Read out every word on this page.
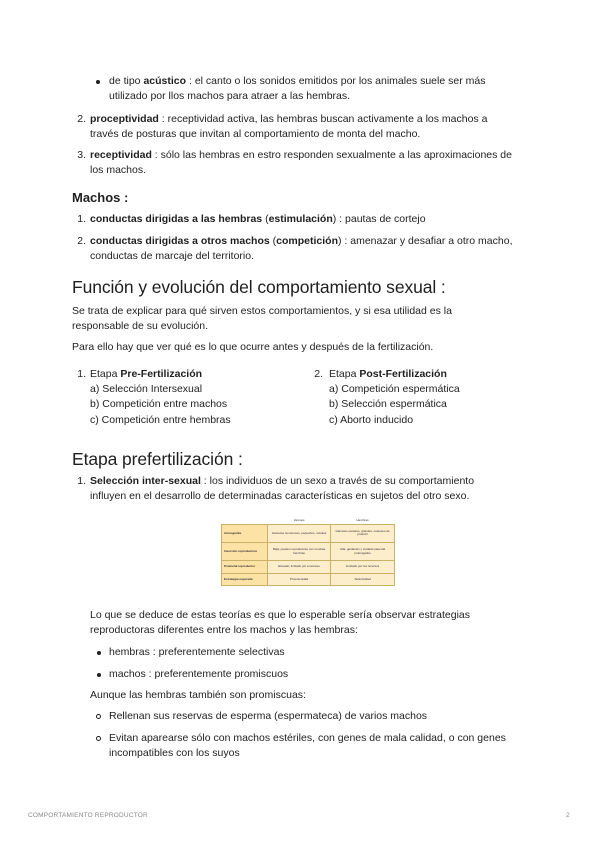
de tipo acústico : el canto o los sonidos emitidos por los animales suele ser más
utilizado por llos machos para atraer a las hembras.
2. proceptividad : receptividad activa, las hembras buscan activamente a los machos a
través de posturas que invitan al comportamiento de monta del macho.
3. receptividad : sólo las hembras en estro responden sexualmente a las aproximaciones de
los machos.
Machos :
1. conductas dirigidas a las hembras (estimulación) : pautas de cortejo
2. conductas dirigidas a otros machos (competición) : amenazar y desafiar a otro macho,
conductas de marcaje del territorio.
Función y evolución del comportamiento sexual :
Se trata de explicar para qué sirven estos comportamientos, y si esa utilidad es la
responsable de su evolución.
Para ello hay que ver qué es lo que ocurre antes y después de la fertilización.
1. Etapa Pre-Fertilización
a) Selección Intersexual
b) Competición entre machos
c) Competición entre hembras
2. Etapa Post-Fertilización
a) Competición espermática
b) Selección espermática
c) Aborto inducido
Etapa prefertilización :
1. Selección inter-sexual : los individuos de un sexo a través de su comportamiento
influyen en el desarrollo de determinadas características en sujetos del otro sexo.
	Varones	Hembras
Anisogamia	Gametos numerosos, pequeños, móviles	Gametos escasos, grandes, costosos de producir
Inversión reproductora	Baja; pueden reproducirse con muchas hembras	Alta; gestación y cuidado parental prolongados
Potencial reproductor	Elevado; limitado por el acceso	Limitado por los recursos
Estrategia esperada	Promiscuidad	Selectividad
Lo que se deduce de estas teorías es que lo esperable sería observar estrategias
reproductoras diferentes entre los machos y las hembras:
hembras : preferentemente selectivas
machos : preferentemente promiscuos
Aunque las hembras también son promiscuas:
Rellenan sus reservas de esperma (espermateca) de varios machos
Evitan aparearse sólo con machos estériles, con genes de mala calidad, o con genes
incompatibles con los suyos
COMPORTAMIENTO REPRODUCTOR	2
